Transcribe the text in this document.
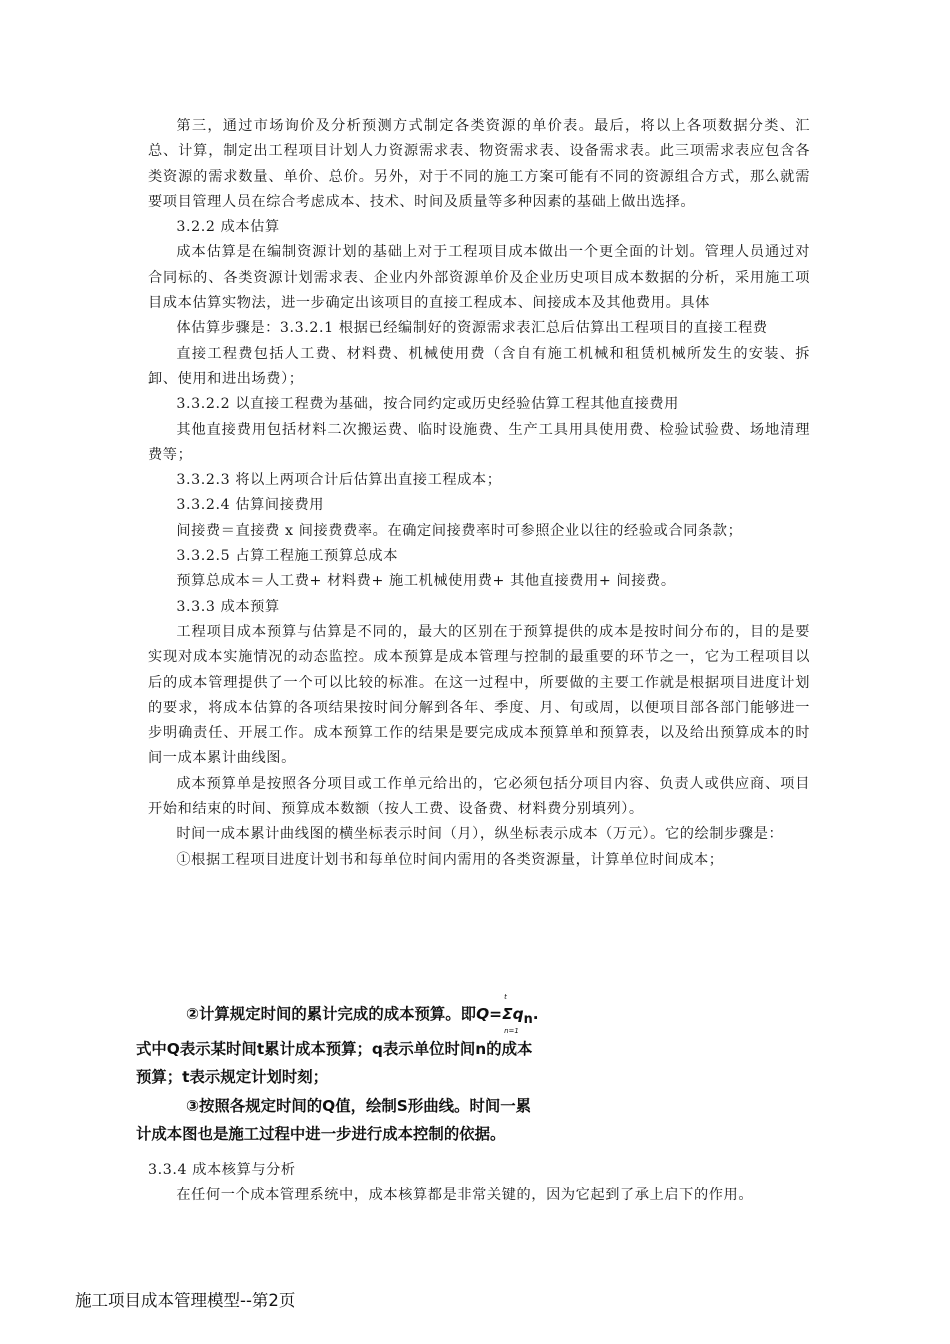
第三，通过市场询价及分析预测方式制定各类资源的单价表。最后，将以上各项数据分类、汇总、计算，制定出工程项目计划人力资源需求表、物资需求表、设备需求表。此三项需求表应包含各类资源的需求数量、单价、总价。另外，对于不同的施工方案可能有不同的资源组合方式，那么就需要项目管理人员在综合考虑成本、技术、时间及质量等多种因素的基础上做出选择。

3.2.2 成本估算

成本估算是在编制资源计划的基础上对于工程项目成本做出一个更全面的计划。管理人员通过对合同标的、各类资源计划需求表、企业内外部资源单价及企业历史项目成本数据的分析，采用施工项目成本估算实物法，进一步确定出该项目的直接工程成本、间接成本及其他费用。具体

体估算步骤是：3.3.2.1 根据已经编制好的资源需求表汇总后估算出工程项目的直接工程费

直接工程费包括人工费、材料费、机械使用费（含自有施工机械和租赁机械所发生的安装、拆卸、使用和进出场费）；

3.3.2.2 以直接工程费为基础，按合同约定或历史经验估算工程其他直接费用

其他直接费用包括材料二次搬运费、临时设施费、生产工具用具使用费、检验试验费、场地清理费等；

3.3.2.3 将以上两项合计后估算出直接工程成本；

3.3.2.4 估算间接费用

间接费＝直接费 x 间接费费率。在确定间接费率时可参照企业以往的经验或合同条款；

3.3.2.5 占算工程施工预算总成本

预算总成本＝人工费+ 材料费+ 施工机械使用费+ 其他直接费用+ 间接费。

3.3.3 成本预算

工程项目成本预算与估算是不同的，最大的区别在于预算提供的成本是按时间分布的，目的是要实现对成本实施情况的动态监控。成本预算是成本管理与控制的最重要的环节之一，它为工程项目以后的成本管理提供了一个可以比较的标准。在这一过程中，所要做的主要工作就是根据项目进度计划的要求，将成本估算的各项结果按时间分解到各年、季度、月、旬或周，以便项目部各部门能够进一步明确责任、开展工作。成本预算工作的结果是要完成成本预算单和预算表，以及给出预算成本的时间一成本累计曲线图。

成本预算单是按照各分项目或工作单元给出的，它必须包括分项目内容、负责人或供应商、项目开始和结束的时间、预算成本数额（按人工费、设备费、材料费分别填列）。

时间一成本累计曲线图的横坐标表示时间（月），纵坐标表示成本（万元）。它的绘制步骤是：

①根据工程项目进度计划书和每单位时间内需用的各类资源量，计算单位时间成本；

②计算规定时间的累计完成的成本预算。即Q=
t
Σ
n=1
$q_n$.

式中Q表示某时间t累计成本预算；q表示单位时间n的成本

预算；t表示规定计划时刻；

③按照各规定时间的Q值，绘制S形曲线。时间一累

计成本图也是施工过程中进一步进行成本控制的依据。

3.3.4 成本核算与分析

在任何一个成本管理系统中，成本核算都是非常关键的，因为它起到了承上启下的作用。

施工项目成本管理模型--第2页
